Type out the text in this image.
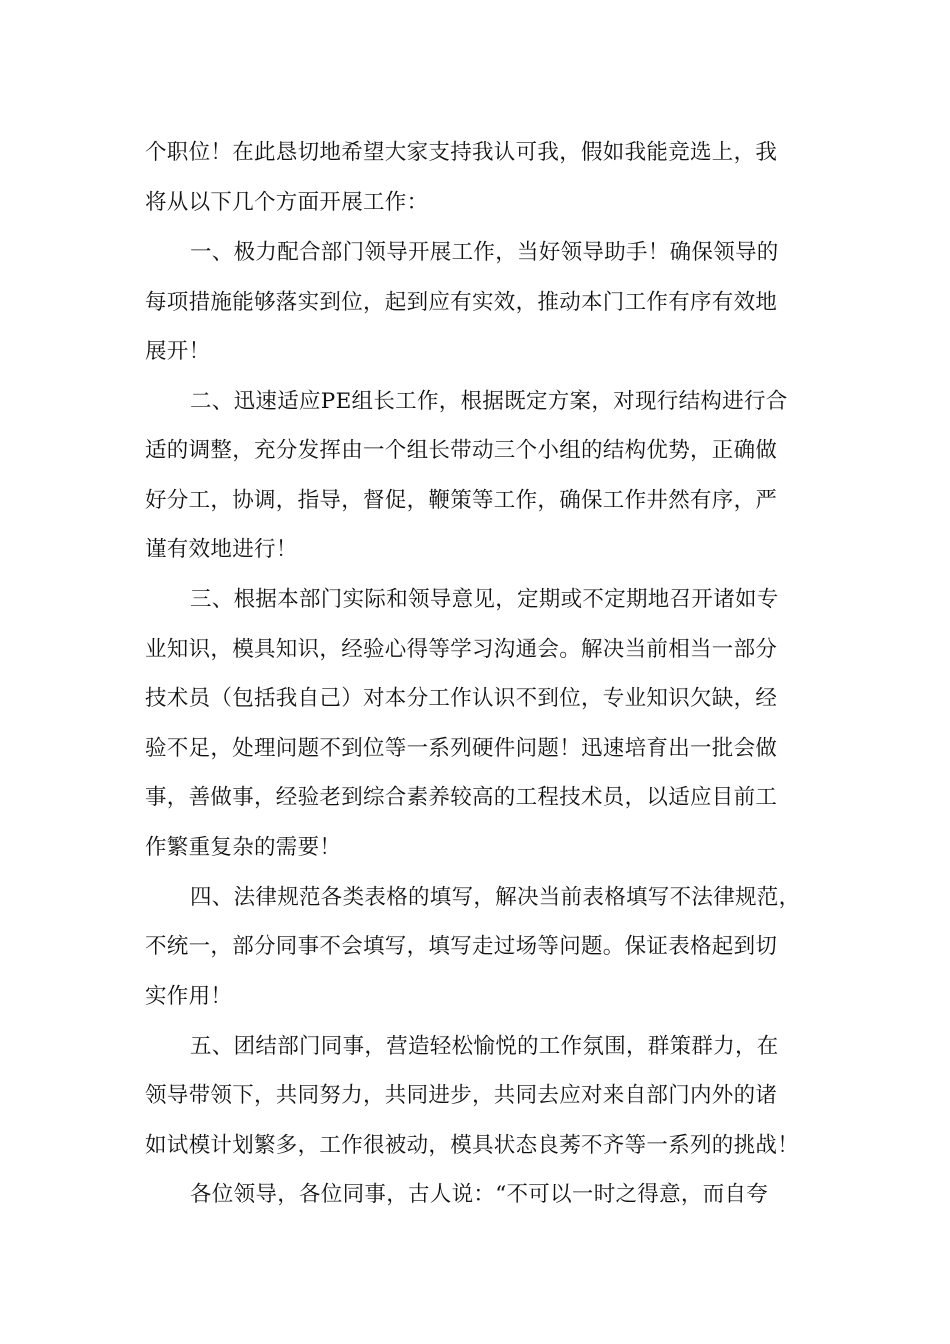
个职位！在此恳切地希望大家支持我认可我，假如我能竞选上，我
将从以下几个方面开展工作：
一、极力配合部门领导开展工作，当好领导助手！确保领导的
每项措施能够落实到位，起到应有实效，推动本门工作有序有效地
展开！
二、迅速适应PE组长工作，根据既定方案，对现行结构进行合
适的调整，充分发挥由一个组长带动三个小组的结构优势，正确做
好分工，协调，指导，督促，鞭策等工作，确保工作井然有序，严
谨有效地进行！
三、根据本部门实际和领导意见，定期或不定期地召开诸如专
业知识，模具知识，经验心得等学习沟通会。解决当前相当一部分
技术员（包括我自己）对本分工作认识不到位，专业知识欠缺，经
验不足，处理问题不到位等一系列硬件问题！迅速培育出一批会做
事，善做事，经验老到综合素养较高的工程技术员，以适应目前工
作繁重复杂的需要！
四、法律规范各类表格的填写，解决当前表格填写不法律规范，
不统一，部分同事不会填写，填写走过场等问题。保证表格起到切
实作用！
五、团结部门同事，营造轻松愉悦的工作氛围，群策群力，在
领导带领下，共同努力，共同进步，共同去应对来自部门内外的诸
如试模计划繁多，工作很被动，模具状态良莠不齐等一系列的挑战！
各位领导，各位同事，古人说：“不可以一时之得意，而自夸
